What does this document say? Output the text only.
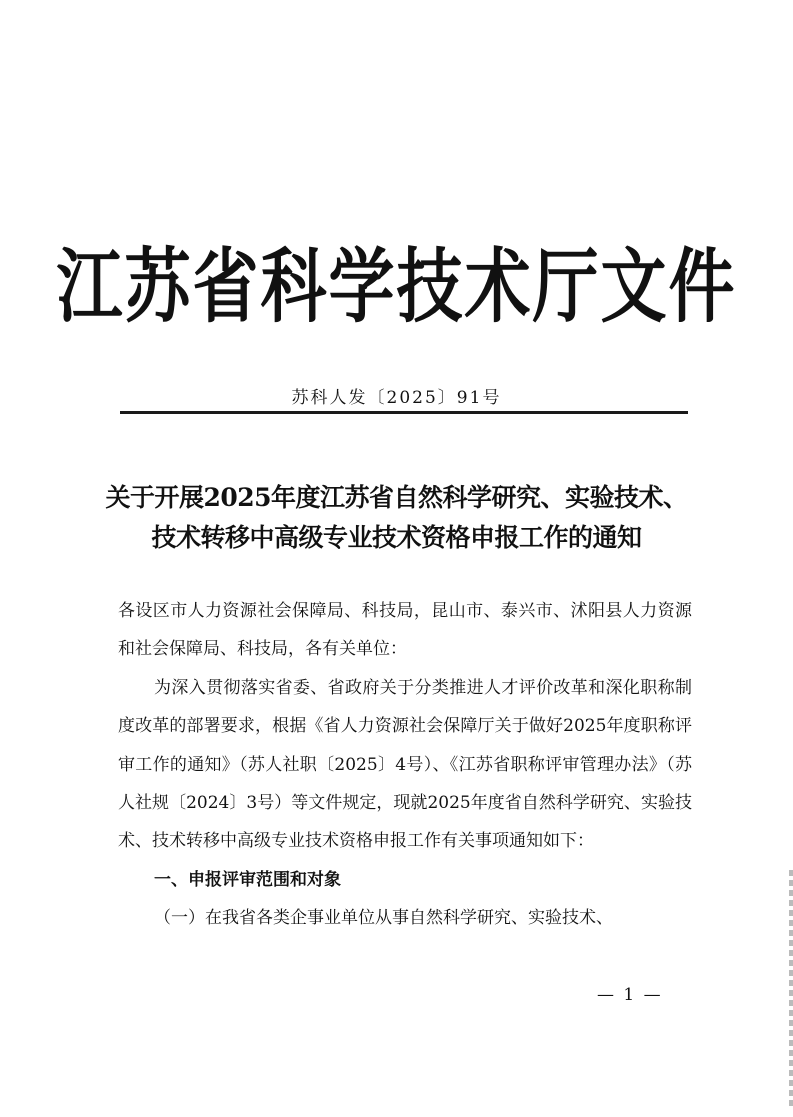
江苏省科学技术厅文件
苏科人发〔2025〕91号
关于开展2025年度江苏省自然科学研究、实验技术、
技术转移中高级专业技术资格申报工作的通知

各设区市人力资源社会保障局、科技局，昆山市、泰兴市、沭阳县人力资源和社会保障局、科技局，各有关单位：

为深入贯彻落实省委、省政府关于分类推进人才评价改革和深化职称制度改革的部署要求，根据《省人力资源社会保障厅关于做好2025年度职称评审工作的通知》（苏人社职〔2025〕4号）、《江苏省职称评审管理办法》（苏人社规〔2024〕3号）等文件规定，现就2025年度省自然科学研究、实验技术、技术转移中高级专业技术资格申报工作有关事项通知如下：

一、申报评审范围和对象

（一）在我省各类企事业单位从事自然科学研究、实验技术、

— 1 —
